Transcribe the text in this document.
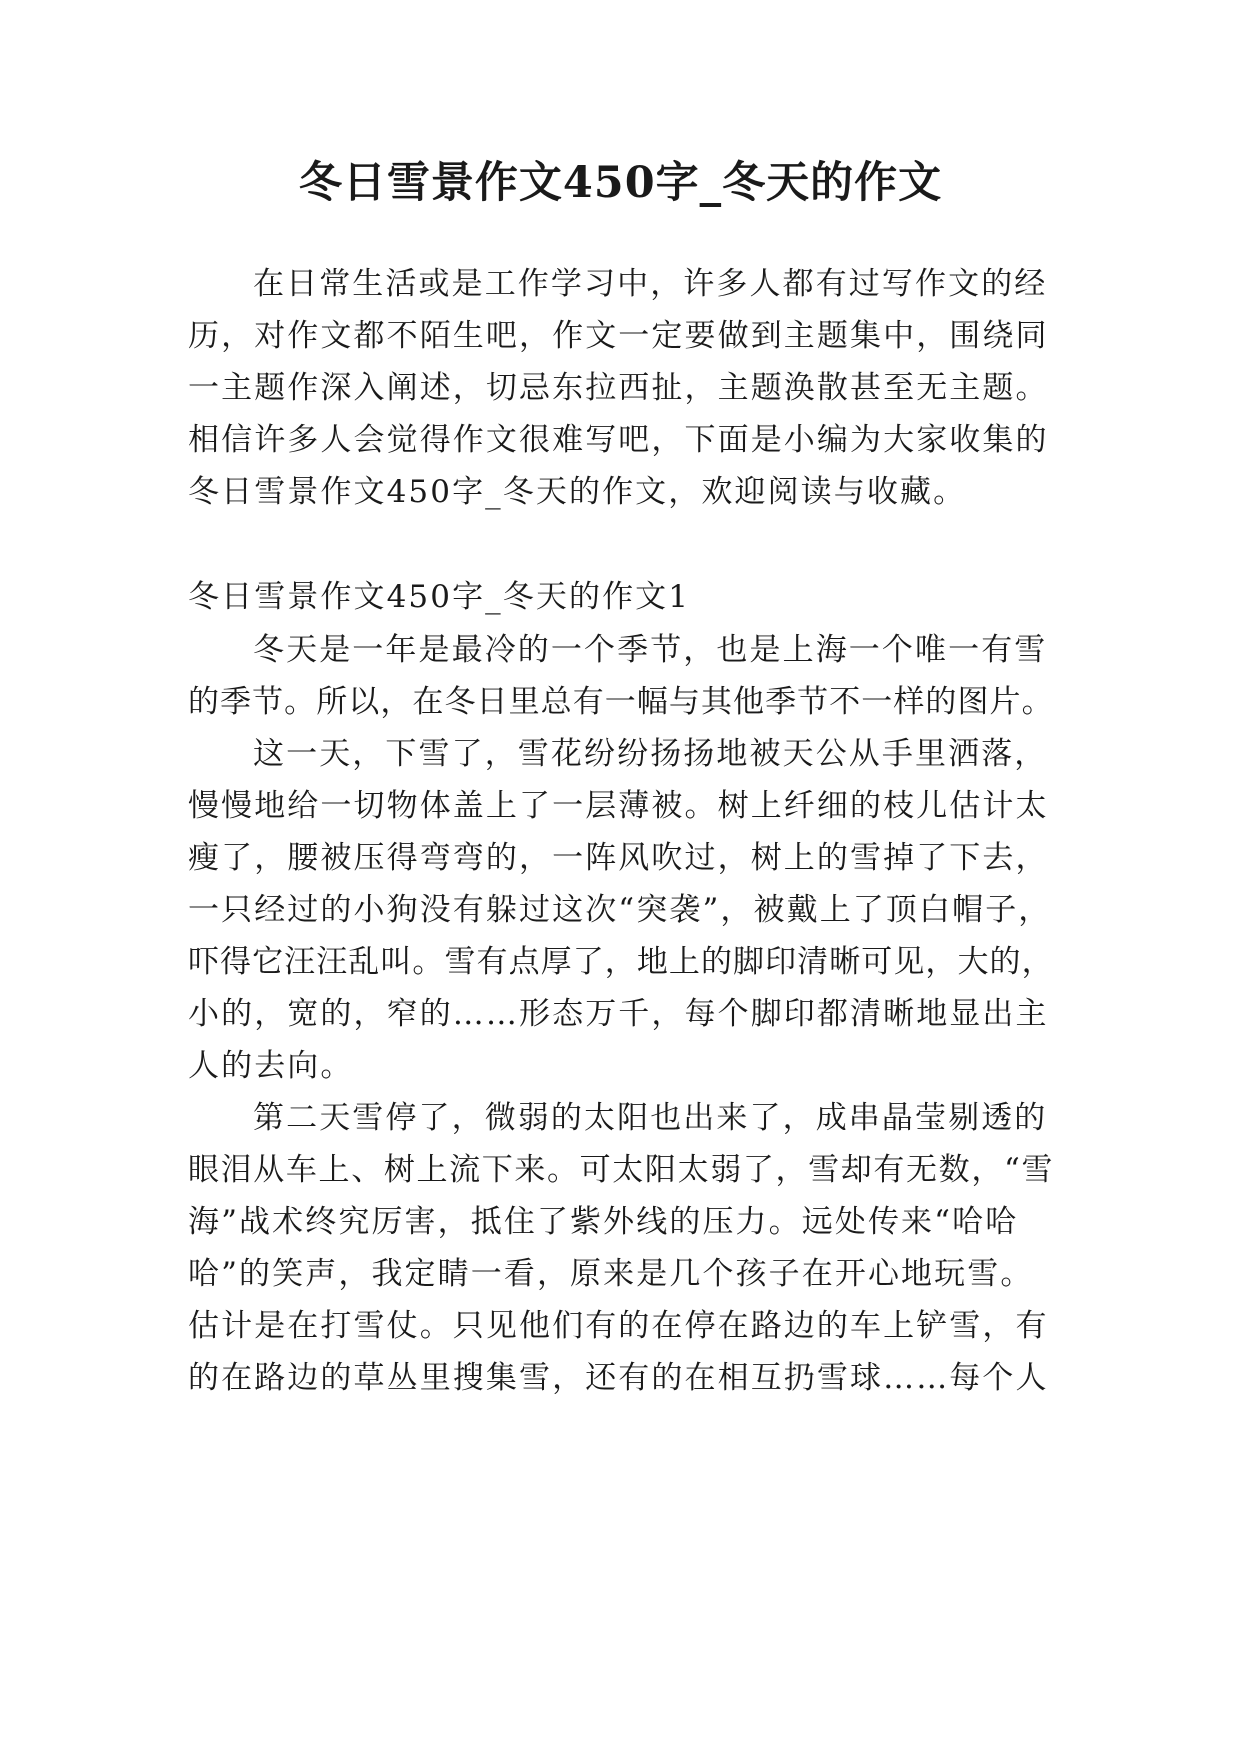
冬日雪景作文450字_冬天的作文
在日常生活或是工作学习中，许多人都有过写作文的经
历，对作文都不陌生吧，作文一定要做到主题集中，围绕同
一主题作深入阐述，切忌东拉西扯，主题涣散甚至无主题。
相信许多人会觉得作文很难写吧，下面是小编为大家收集的
冬日雪景作文450字_冬天的作文，欢迎阅读与收藏。
冬日雪景作文450字_冬天的作文1
冬天是一年是最冷的一个季节，也是上海一个唯一有雪
的季节。所以，在冬日里总有一幅与其他季节不一样的图片。
这一天，下雪了，雪花纷纷扬扬地被天公从手里洒落，
慢慢地给一切物体盖上了一层薄被。树上纤细的枝儿估计太
瘦了，腰被压得弯弯的，一阵风吹过，树上的雪掉了下去，
一只经过的小狗没有躲过这次“突袭”，被戴上了顶白帽子，
吓得它汪汪乱叫。雪有点厚了，地上的脚印清晰可见，大的，
小的，宽的，窄的……形态万千，每个脚印都清晰地显出主
人的去向。
第二天雪停了，微弱的太阳也出来了，成串晶莹剔透的
眼泪从车上、树上流下来。可太阳太弱了，雪却有无数，“雪
海”战术终究厉害，抵住了紫外线的压力。远处传来“哈哈
哈”的笑声，我定睛一看，原来是几个孩子在开心地玩雪。
估计是在打雪仗。只见他们有的在停在路边的车上铲雪，有
的在路边的草丛里搜集雪，还有的在相互扔雪球……每个人
